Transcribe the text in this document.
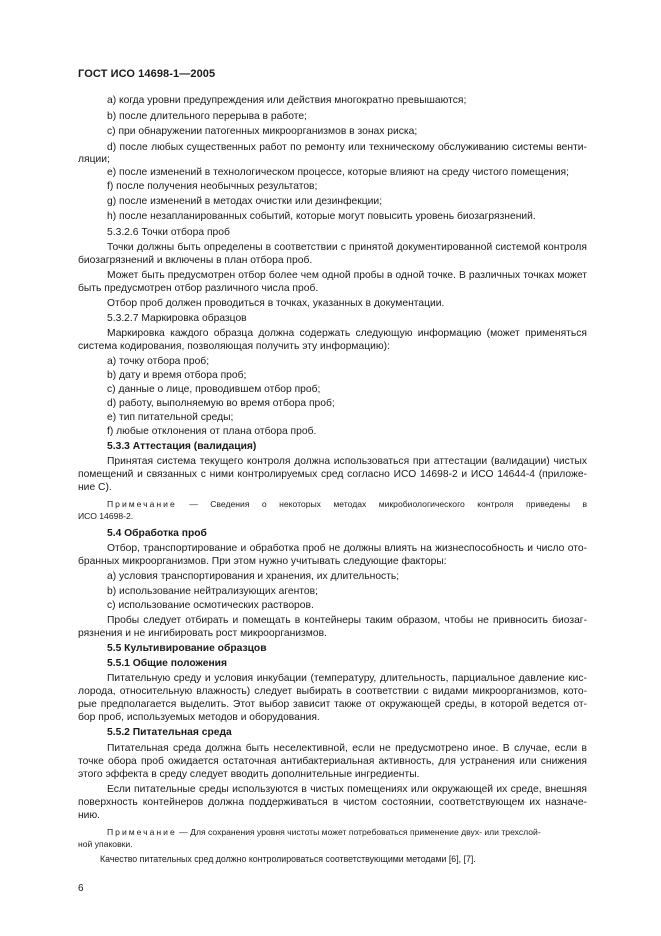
ГОСТ ИСО 14698-1—2005
a) когда уровни предупреждения или действия многократно превышаются;
b) после длительного перерыва в работе;
c) при обнаружении патогенных микроорганизмов в зонах риска;
d) после любых существенных работ по ремонту или техническому обслуживанию системы венти-
ляции;
e) после изменений в технологическом процессе, которые влияют на среду чистого помещения;
f) после получения необычных результатов;
g) после изменений в методах очистки или дезинфекции;
h) после незапланированных событий, которые могут повысить уровень биозагрязнений.
5.3.2.6 Точки отбора проб
Точки должны быть определены в соответствии с принятой документированной системой контроля
биозагрязнений и включены в план отбора проб.
Может быть предусмотрен отбор более чем одной пробы в одной точке. В различных точках может
быть предусмотрен отбор различного числа проб.
Отбор проб должен проводиться в точках, указанных в документации.
5.3.2.7 Маркировка образцов
Маркировка каждого образца должна содержать следующую информацию (может применяться
система кодирования, позволяющая получить эту информацию):
a) точку отбора проб;
b) дату и время отбора проб;
c) данные о лице, проводившем отбор проб;
d) работу, выполняемую во время отбора проб;
e) тип питательной среды;
f) любые отклонения от плана отбора проб.
5.3.3 Аттестация (валидация)
Принятая система текущего контроля должна использоваться при аттестации (валидации) чистых
помещений и связанных с ними контролируемых сред согласно ИСО 14698-2 и ИСО 14644-4 (приложе-
ние С).
Примечание — Сведения о некоторых методах микробиологического контроля приведены в
ИСО 14698-2.
5.4 Обработка проб
Отбор, транспортирование и обработка проб не должны влиять на жизнеспособность и число ото-
бранных микроорганизмов. При этом нужно учитывать следующие факторы:
a) условия транспортирования и хранения, их длительность;
b) использование нейтрализующих агентов;
c) использование осмотических растворов.
Пробы следует отбирать и помещать в контейнеры таким образом, чтобы не привносить биозаг-
рязнения и не ингибировать рост микроорганизмов.
5.5 Культивирование образцов
5.5.1 Общие положения
Питательную среду и условия инкубации (температуру, длительность, парциальное давление кис-
лорода, относительную влажность) следует выбирать в соответствии с видами микроорганизмов, кото-
рые предполагается выделить. Этот выбор зависит также от окружающей среды, в которой ведется от-
бор проб, используемых методов и оборудования.
5.5.2 Питательная среда
Питательная среда должна быть неселективной, если не предусмотрено иное. В случае, если в
точке обора проб ожидается остаточная антибактериальная активность, для устранения или снижения
этого эффекта в среду следует вводить дополнительные ингредиенты.
Если питательные среды используются в чистых помещениях или окружающей их среде, внешняя
поверхность контейнеров должна поддерживаться в чистом состоянии, соответствующем их назначе-
нию.
Примечание — Для сохранения уровня чистоты может потребоваться применение двух- или трехслой-
ной упаковки.
Качество питательных сред должно контролироваться соответствующими методами [6], [7].
6
